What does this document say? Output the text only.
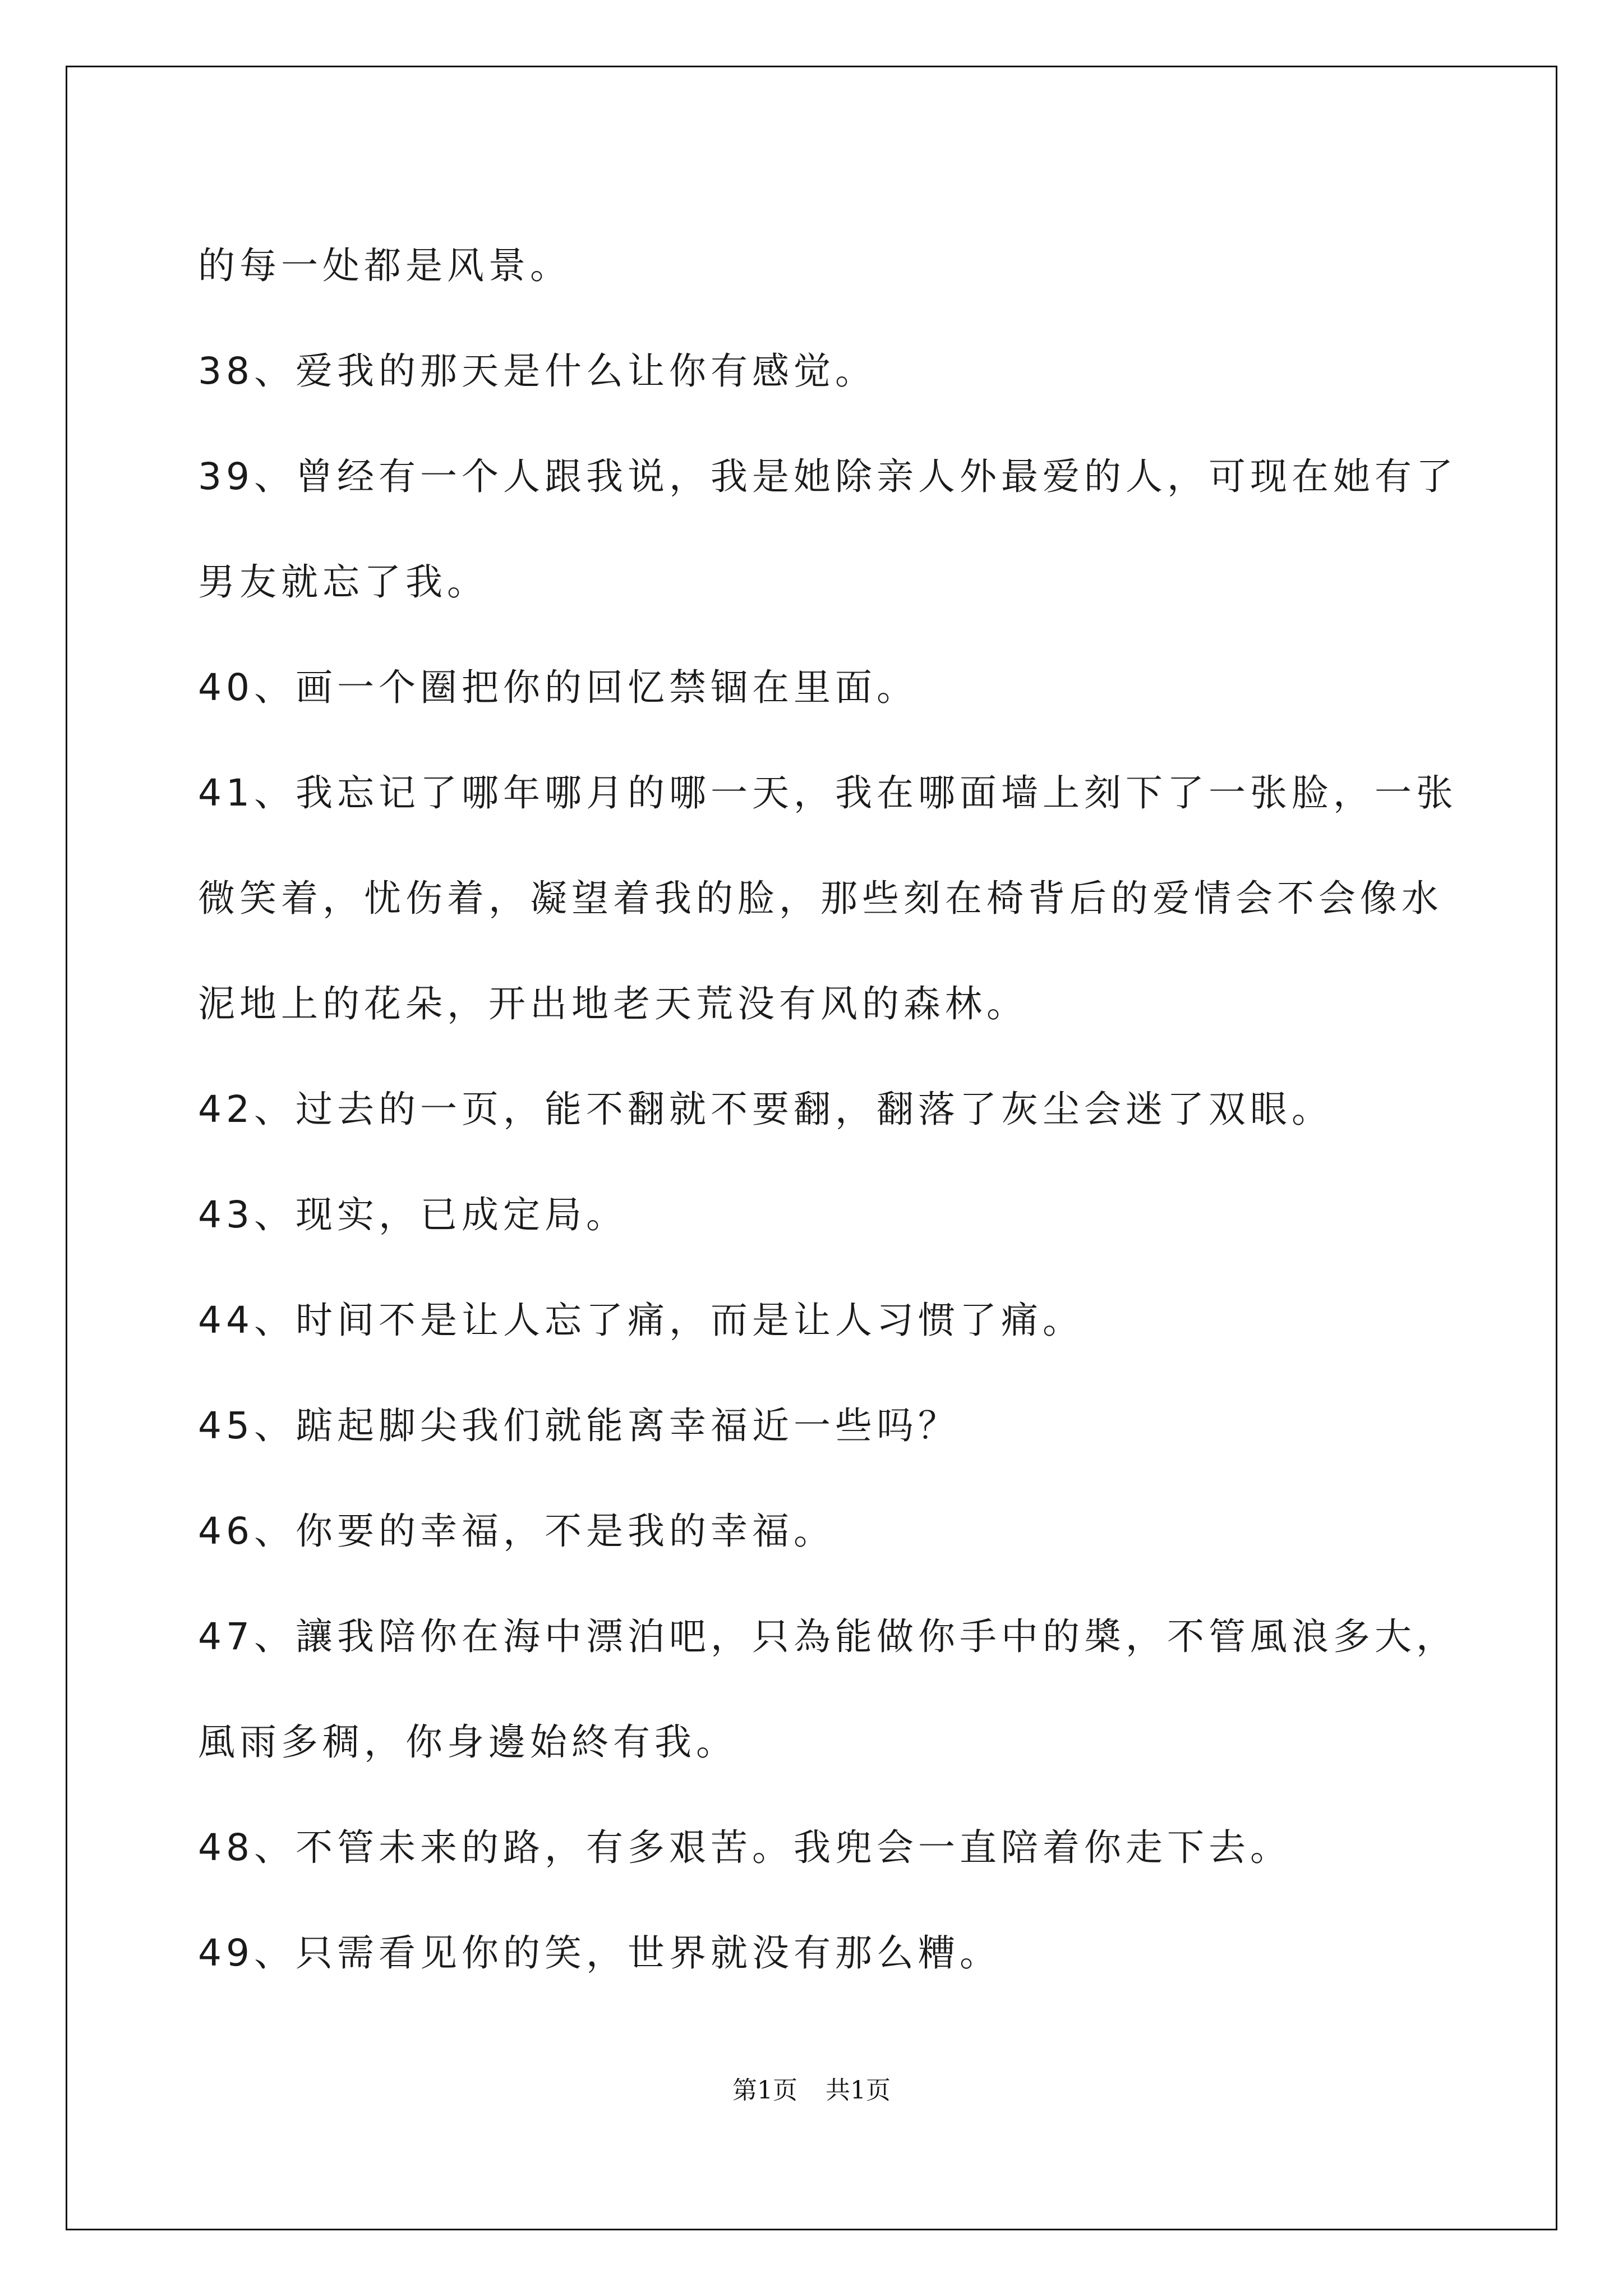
的每一处都是风景。
38、爱我的那天是什么让你有感觉。
39、曾经有一个人跟我说，我是她除亲人外最爱的人，可现在她有了
男友就忘了我。
40、画一个圈把你的回忆禁锢在里面。
41、我忘记了哪年哪月的哪一天，我在哪面墙上刻下了一张脸，一张
微笑着，忧伤着，凝望着我的脸，那些刻在椅背后的爱情会不会像水
泥地上的花朵，开出地老天荒没有风的森林。
42、过去的一页，能不翻就不要翻，翻落了灰尘会迷了双眼。
43、现实，已成定局。
44、时间不是让人忘了痛，而是让人习惯了痛。
45、踮起脚尖我们就能离幸福近一些吗？
46、你要的幸福，不是我的幸福。
47、讓我陪你在海中漂泊吧，只為能做你手中的槳，不管風浪多大，
風雨多稠，你身邊始終有我。
48、不管未来的路，有多艰苦。我兜会一直陪着你走下去。
49、只需看见你的笑，世界就没有那么糟。
第1页 共1页
